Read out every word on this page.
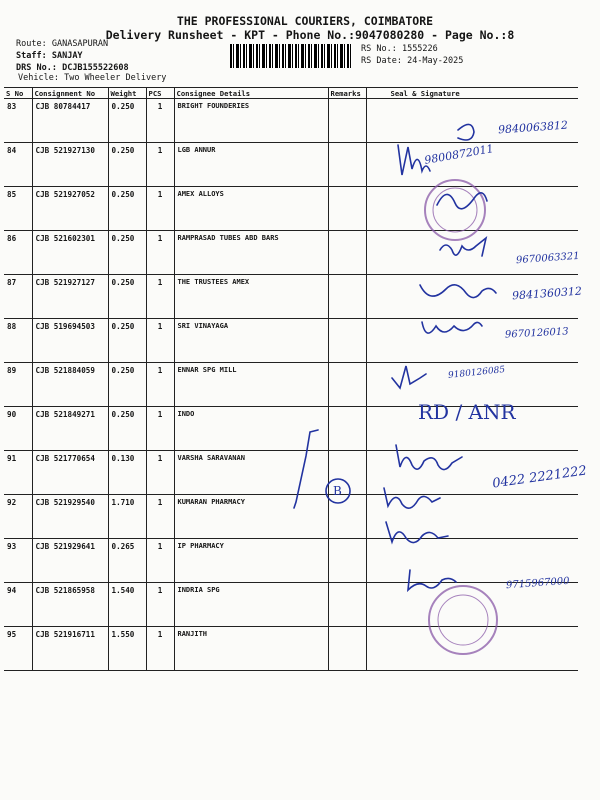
THE PROFESSIONAL COURIERS, COIMBATORE
Delivery Runsheet - KPT - Phone No.:9047080280 - Page No.:8
Route: GANASAPURAN
Staff: SANJAY
DRS No.: DCJB155522608
Vehicle: Two Wheeler Delivery
RS No.: 1555226
RS Date: 24-May-2025
S No	Consignment No	Weight	PCS	Consignee Details	Remarks	Seal & Signature
83	CJB 80784417	0.250	1	BRIGHT FOUNDERIES		
84	CJB 521927130	0.250	1	LGB ANNUR		
85	CJB 521927052	0.250	1	AMEX ALLOYS		
86	CJB 521602301	0.250	1	RAMPRASAD TUBES ABD BARS		
87	CJB 521927127	0.250	1	THE TRUSTEES AMEX		
88	CJB 519694503	0.250	1	SRI VINAYAGA		
89	CJB 521884059	0.250	1	ENNAR SPG MILL		
90	CJB 521849271	0.250	1	INDO		
91	CJB 521770654	0.130	1	VARSHA SARAVANAN		
92	CJB 521929540	1.710	1	KUMARAN PHARMACY		
93	CJB 521929641	0.265	1	IP PHARMACY		
94	CJB 521865958	1.540	1	INDRIA SPG		
95	CJB 521916711	1.550	1	RANJITH		
9840063812
9800872011
9670063321
9841360312
9670126013
9180126085
RD / ANR
0422 2221222
B
9715967000
